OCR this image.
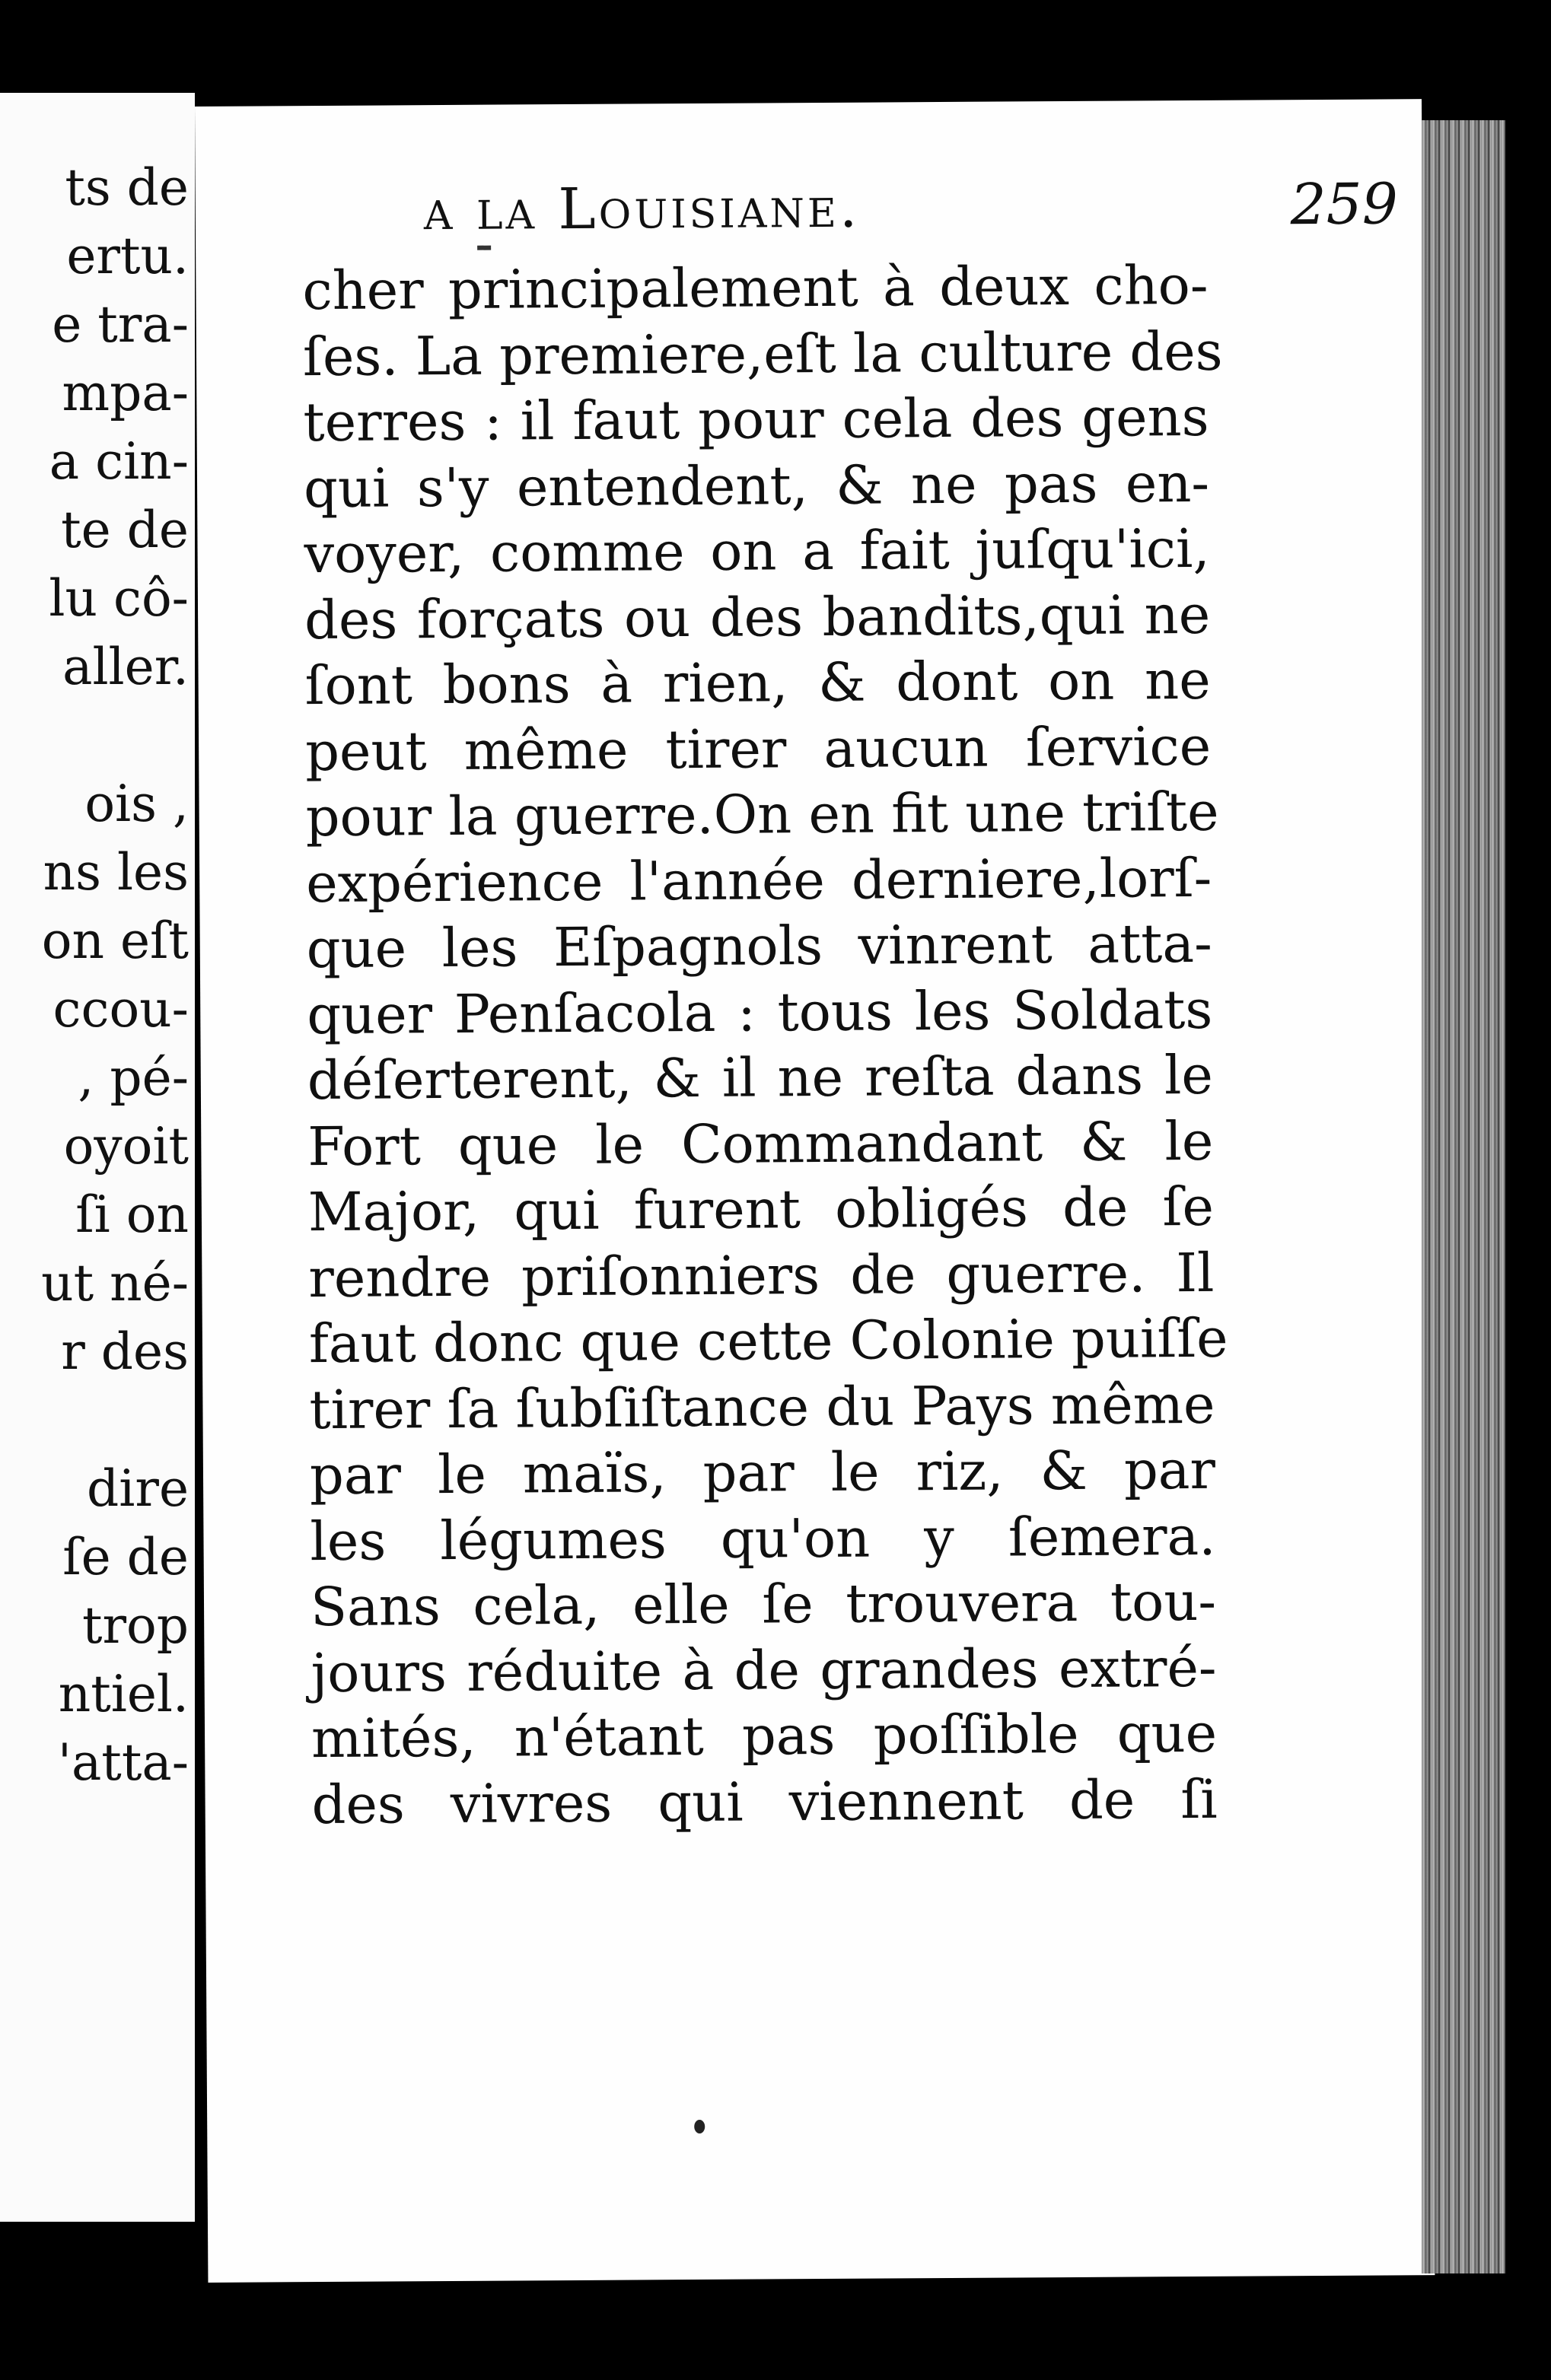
ts de
ertu.
e tra-
mpa-
a cin-
te de
lu cô-
aller.
ois ,
ns les
on eſt
ccou-
, pé-
oyoit
ſi on
ut né-
r des
dire
ſe de
trop
ntiel.
'atta-
a la Louisiane.	259
cher principalement à deux cho-
ſes. La premiere,eſt la culture des
terres : il faut pour cela des gens
qui s'y entendent, & ne pas en-
voyer, comme on a fait juſqu'ici,
des forçats ou des bandits,qui ne
ſont bons à rien, & dont on ne
peut même tirer aucun ſervice
pour la guerre.On en fit une triſte
expérience l'année derniere,lorſ-
que les Eſpagnols vinrent atta-
quer Penſacola : tous les Soldats
déſerterent, & il ne reſta dans le
Fort que le Commandant & le
Major, qui furent obligés de ſe
rendre priſonniers de guerre. Il
faut donc que cette Colonie puiſſe
tirer ſa ſubſiſtance du Pays même
par le maïs, par le riz, & par
les légumes qu'on y ſemera.
Sans cela, elle ſe trouvera tou-
jours réduite à de grandes extré-
mités, n'étant pas poſſible que
des vivres qui viennent de ſi
